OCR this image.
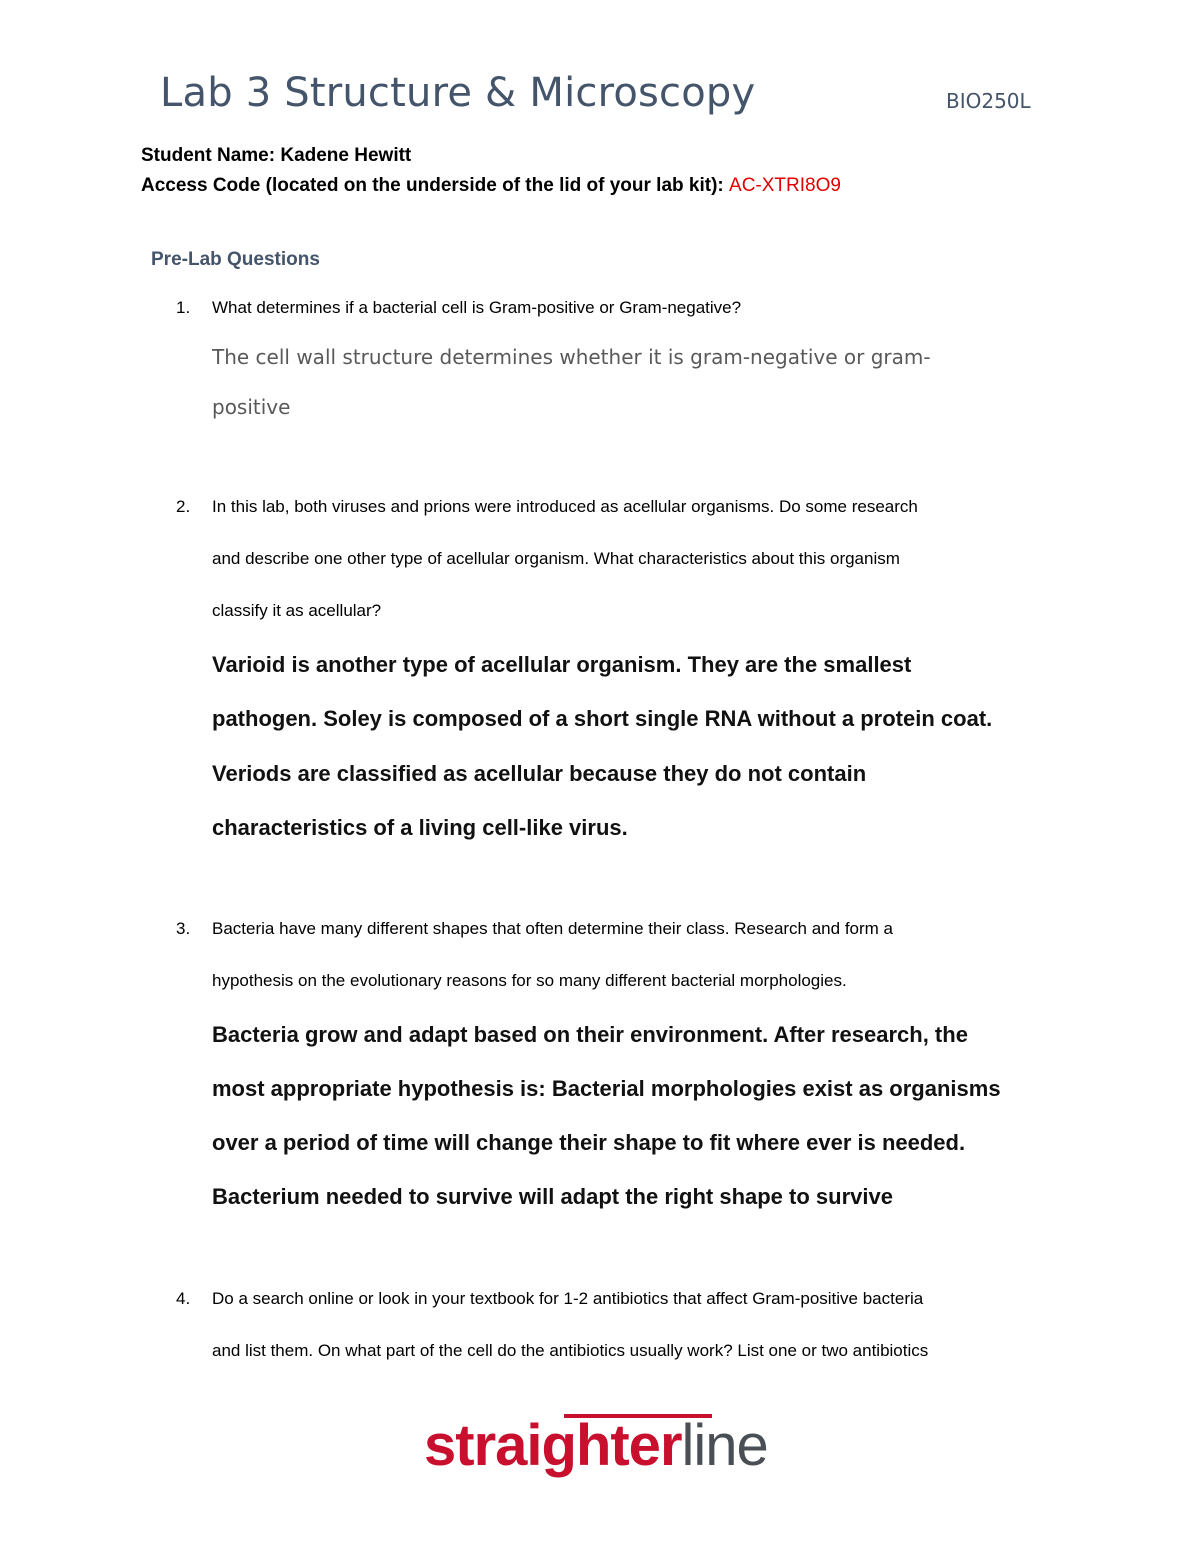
Lab 3 Structure & Microscopy	BIO250L
Student Name: Kadene Hewitt
Access Code (located on the underside of the lid of your lab kit): AC-XTRI8O9
Pre-Lab Questions
1. What determines if a bacterial cell is Gram-positive or Gram-negative?
The cell wall structure determines whether it is gram-negative or gram-
positive
2. In this lab, both viruses and prions were introduced as acellular organisms. Do some research
and describe one other type of acellular organism. What characteristics about this organism
classify it as acellular?
Varioid is another type of acellular organism. They are the smallest
pathogen. Soley is composed of a short single RNA without a protein coat.
Veriods are classified as acellular because they do not contain
characteristics of a living cell-like virus.
3. Bacteria have many different shapes that often determine their class. Research and form a
hypothesis on the evolutionary reasons for so many different bacterial morphologies.
Bacteria grow and adapt based on their environment. After research, the
most appropriate hypothesis is: Bacterial morphologies exist as organisms
over a period of time will change their shape to fit where ever is needed.
Bacterium needed to survive will adapt the right shape to survive
4. Do a search online or look in your textbook for 1-2 antibiotics that affect Gram-positive bacteria
and list them. On what part of the cell do the antibiotics usually work? List one or two antibiotics
straighterline
